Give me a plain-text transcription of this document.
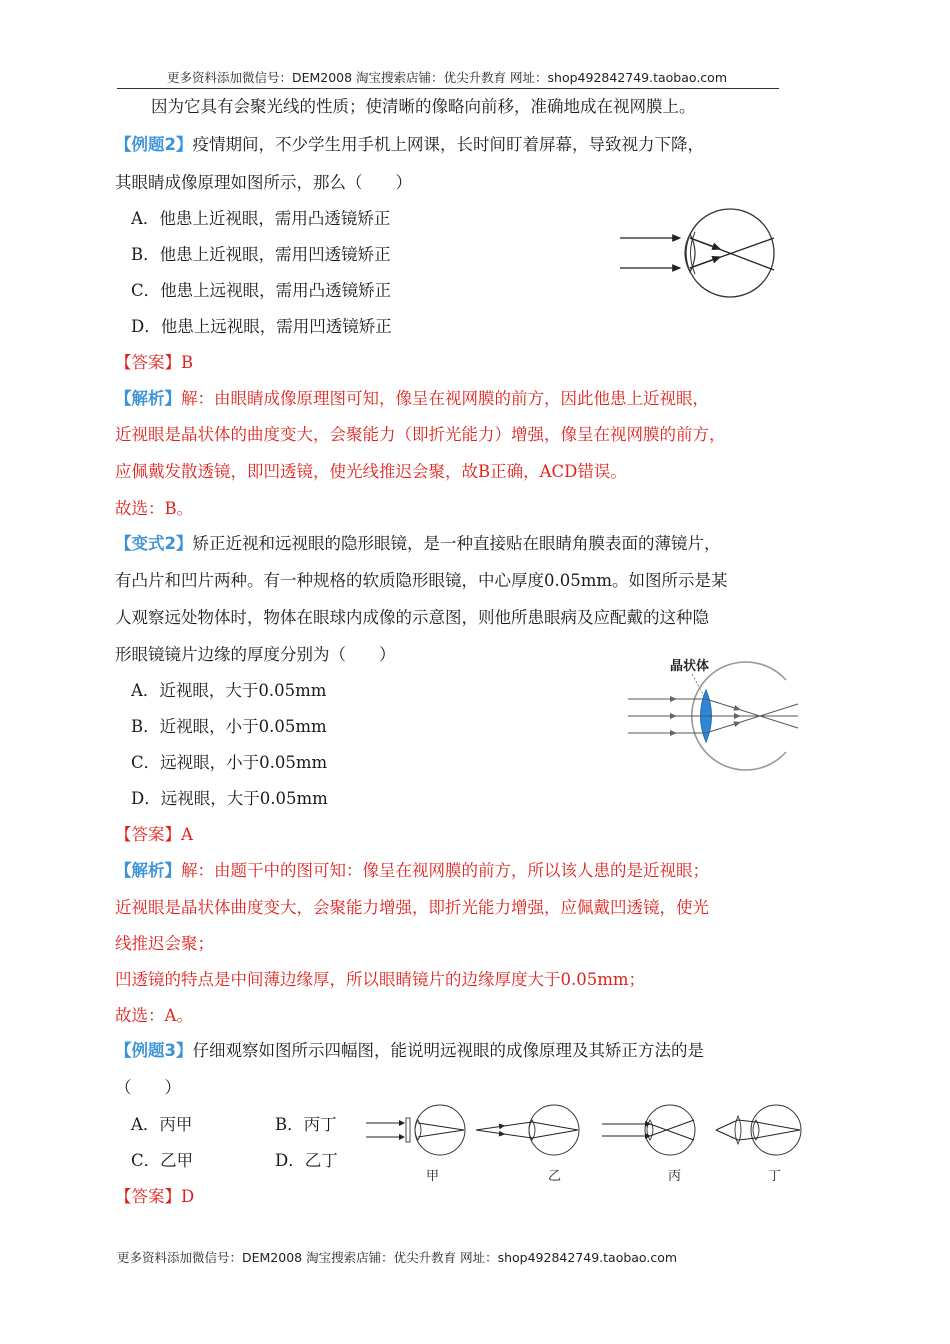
更多资料添加微信号：DEM2008 淘宝搜索店铺：优尖升教育 网址：shop492842749.taobao.com
因为它具有会聚光线的性质；使清晰的像略向前移，准确地成在视网膜上。
【例题2】疫情期间，不少学生用手机上网课，长时间盯着屏幕，导致视力下降，
其眼睛成像原理如图所示，那么（　　）
A．他患上近视眼，需用凸透镜矫正
B．他患上近视眼，需用凹透镜矫正
C．他患上远视眼，需用凸透镜矫正
D．他患上远视眼，需用凹透镜矫正
【答案】B
【解析】解：由眼睛成像原理图可知，像呈在视网膜的前方，因此他患上近视眼，
近视眼是晶状体的曲度变大，会聚能力（即折光能力）增强，像呈在视网膜的前方，
应佩戴发散透镜，即凹透镜，使光线推迟会聚，故B正确，ACD错误。
故选：B。
【变式2】矫正近视和远视眼的隐形眼镜，是一种直接贴在眼睛角膜表面的薄镜片，
有凸片和凹片两种。有一种规格的软质隐形眼镜，中心厚度0.05mm。如图所示是某
人观察远处物体时，物体在眼球内成像的示意图，则他所患眼病及应配戴的这种隐
形眼镜镜片边缘的厚度分别为（　　）
A．近视眼，大于0.05mm
B．近视眼，小于0.05mm
C．远视眼，小于0.05mm
D．远视眼，大于0.05mm
晶状体
【答案】A
【解析】解：由题干中的图可知：像呈在视网膜的前方，所以该人患的是近视眼；
近视眼是晶状体曲度变大，会聚能力增强，即折光能力增强，应佩戴凹透镜，使光
线推迟会聚；
凹透镜的特点是中间薄边缘厚，所以眼睛镜片的边缘厚度大于0.05mm；
故选：A。
【例题3】仔细观察如图所示四幅图，能说明远视眼的成像原理及其矫正方法的是
（　　）
A．丙甲	B．丙丁
C．乙甲	D．乙丁
甲	乙	丙	丁
【答案】D
更多资料添加微信号：DEM2008 淘宝搜索店铺：优尖升教育 网址：shop492842749.taobao.com
